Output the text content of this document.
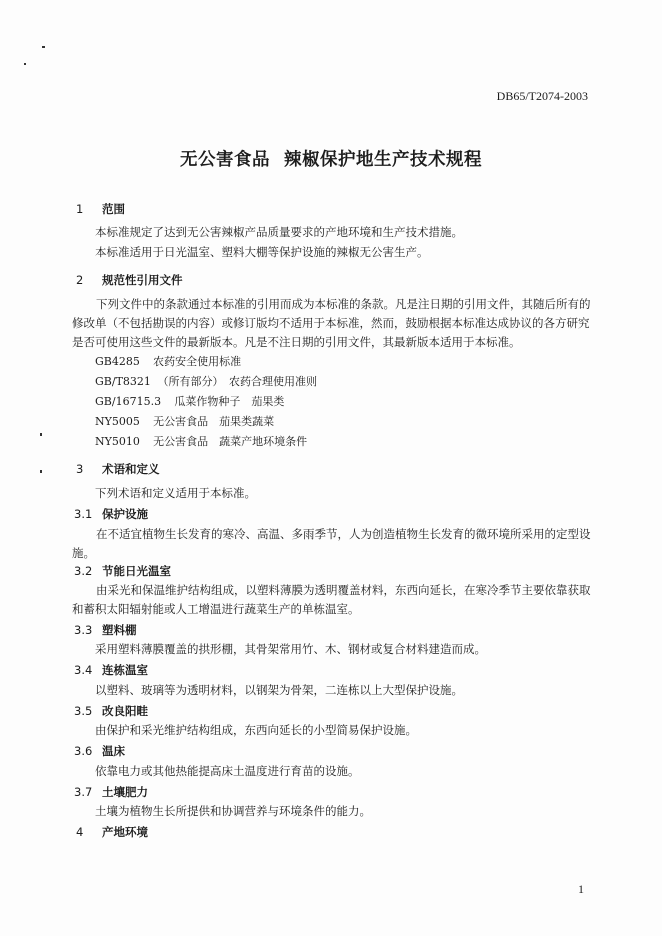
DB65/T2074-2003
无公害食品 辣椒保护地生产技术规程
1 范围
本标准规定了达到无公害辣椒产品质量要求的产地环境和生产技术措施。
本标准适用于日光温室、塑料大棚等保护设施的辣椒无公害生产。
2 规范性引用文件
下列文件中的条款通过本标准的引用而成为本标准的条款。凡是注日期的引用文件，其随后所有的修改单（不包括勘误的内容）或修订版均不适用于本标准，然而，鼓励根据本标准达成协议的各方研究是否可使用这些文件的最新版本。凡是不注日期的引用文件，其最新版本适用于本标准。
GB4285 农药安全使用标准
GB/T8321 （所有部分）　农药合理使用准则
GB/16715.3 瓜菜作物种子　茄果类
NY5005 无公害食品　茄果类蔬菜
NY5010 无公害食品　蔬菜产地环境条件
3 术语和定义
下列术语和定义适用于本标准。
3.1 保护设施
在不适宜植物生长发育的寒冷、高温、多雨季节，人为创造植物生长发育的微环境所采用的定型设施。
3.2 节能日光温室
由采光和保温维护结构组成，以塑料薄膜为透明覆盖材料，东西向延长，在寒冷季节主要依靠获取和蓄积太阳辐射能或人工增温进行蔬菜生产的单栋温室。
3.3 塑料棚
采用塑料薄膜覆盖的拱形棚，其骨架常用竹、木、钢材或复合材料建造而成。
3.4 连栋温室
以塑料、玻璃等为透明材料，以钢架为骨架，二连栋以上大型保护设施。
3.5 改良阳畦
由保护和采光维护结构组成，东西向延长的小型简易保护设施。
3.6 温床
依靠电力或其他热能提高床土温度进行育苗的设施。
3.7 土壤肥力
土壤为植物生长所提供和协调营养与环境条件的能力。
4 产地环境
1
